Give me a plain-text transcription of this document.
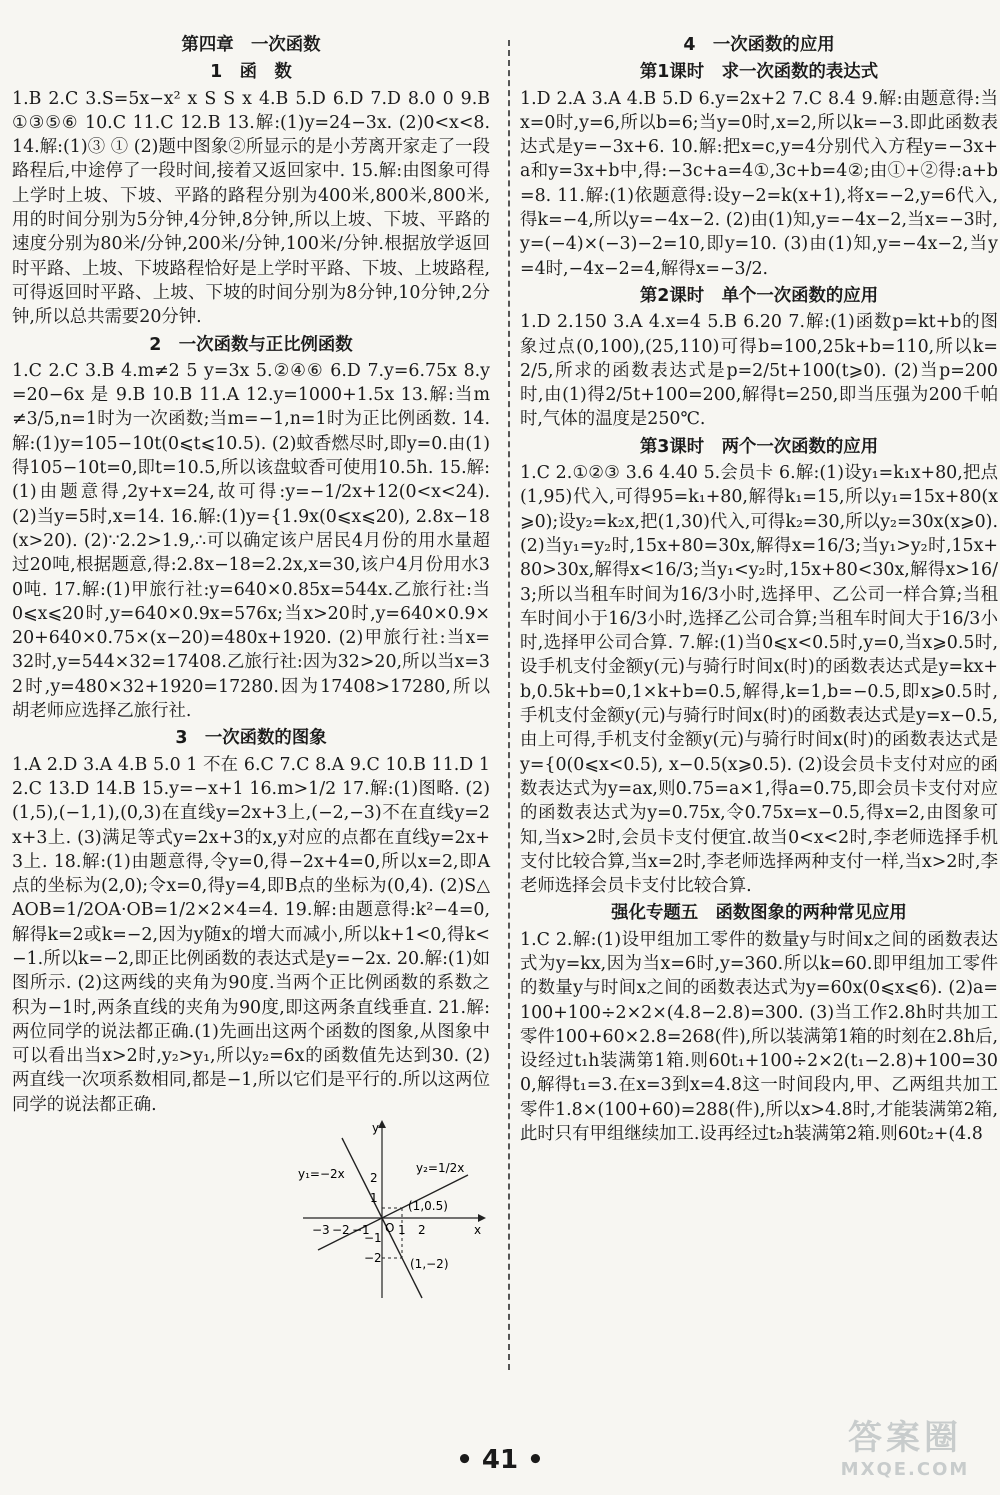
第四章　一次函数
1　函　数

1.B 2.C 3.S=5x−x² x S S x 4.B 5.D 6.D 7.D 8.0 0 9.B ①③⑤⑥ 10.C 11.C 12.B 13.解:(1)y=24−3x. (2)0<x<8. 14.解:(1)③ ① (2)题中图象②所显示的是小芳离开家走了一段路程后,中途停了一段时间,接着又返回家中. 15.解:由图象可得上学时上坡、下坡、平路的路程分别为400米,800米,800米,用的时间分别为5分钟,4分钟,8分钟,所以上坡、下坡、平路的速度分别为80米/分钟,200米/分钟,100米/分钟.根据放学返回时平路、上坡、下坡路程恰好是上学时平路、下坡、上坡路程,可得返回时平路、上坡、下坡的时间分别为8分钟,10分钟,2分钟,所以总共需要20分钟.

2　一次函数与正比例函数

1.C 2.C 3.B 4.m≠2 5 y=3x 5.②④⑥ 6.D 7.y=6.75x 8.y=20−6x 是 9.B 10.B 11.A 12.y=1000+1.5x 13.解:当m≠3/5,n=1时为一次函数;当m=−1,n=1时为正比例函数. 14.解:(1)y=105−10t(0⩽t⩽10.5). (2)蚊香燃尽时,即y=0.由(1)得105−10t=0,即t=10.5,所以该盘蚊香可使用10.5h. 15.解:(1)由题意得,2y+x=24,故可得:y=−1/2x+12(0<x<24). (2)当y=5时,x=14. 16.解:(1)y={1.9x(0⩽x⩽20), 2.8x−18(x>20). (2)∵2.2>1.9,∴可以确定该户居民4月份的用水量超过20吨,根据题意,得:2.8x−18=2.2x,x=30,该户4月份用水30吨. 17.解:(1)甲旅行社:y=640×0.85x=544x.乙旅行社:当0⩽x⩽20时,y=640×0.9x=576x;当x>20时,y=640×0.9×20+640×0.75×(x−20)=480x+1920. (2)甲旅行社:当x=32时,y=544×32=17408.乙旅行社:因为32>20,所以当x=32时,y=480×32+1920=17280.因为17408>17280,所以胡老师应选择乙旅行社.

3　一次函数的图象

1.A 2.D 3.A 4.B 5.0 1 不在 6.C 7.C 8.A 9.C 10.B 11.D 12.C 13.D 14.B 15.y=−x+1 16.m>1/2 17.解:(1)图略. (2)(1,5),(−1,1),(0,3)在直线y=2x+3上,(−2,−3)不在直线y=2x+3上. (3)满足等式y=2x+3的x,y对应的点都在直线y=2x+3上. 18.解:(1)由题意得,令y=0,得−2x+4=0,所以x=2,即A点的坐标为(2,0);令x=0,得y=4,即B点的坐标为(0,4). (2)S△AOB=1/2OA·OB=1/2×2×4=4. 19.解:由题意得:k²−4=0,解得k=2或k=−2,因为y随x的增大而减小,所以k+1<0,得k<−1.所以k=−2,即正比例函数的表达式是y=−2x. 20.解:(1)如图所示. (2)这两线的夹角为90度.当两个正比例函数的系数之积为−1时,两条直线的夹角为90度,即这两条直线垂直. 21.解:两位同学的说法都正确.(1)先画出这两个函数的图象,从图象中可以看出当x>2时,y₂>y₁,所以y₂=6x的函数值先达到30. (2)两直线一次项系数相同,都是−1,所以它们是平行的.所以这两位同学的说法都正确.

4　一次函数的应用
第1课时　求一次函数的表达式

1.D 2.A 3.A 4.B 5.D 6.y=2x+2 7.C 8.4 9.解:由题意得:当x=0时,y=6,所以b=6;当y=0时,x=2,所以k=−3.即此函数表达式是y=−3x+6. 10.解:把x=c,y=4分别代入方程y=−3x+a和y=3x+b中,得:−3c+a=4①,3c+b=4②;由①+②得:a+b=8. 11.解:(1)依题意得:设y−2=k(x+1),将x=−2,y=6代入,得k=−4,所以y=−4x−2. (2)由(1)知,y=−4x−2,当x=−3时,y=(−4)×(−3)−2=10,即y=10. (3)由(1)知,y=−4x−2,当y=4时,−4x−2=4,解得x=−3/2.

第2课时　单个一次函数的应用

1.D 2.150 3.A 4.x=4 5.B 6.20 7.解:(1)函数p=kt+b的图象过点(0,100),(25,110)可得b=100,25k+b=110,所以k=2/5,所求的函数表达式是p=2/5t+100(t⩾0). (2)当p=200时,由(1)得2/5t+100=200,解得t=250,即当压强为200千帕时,气体的温度是250℃.

第3课时　两个一次函数的应用

1.C 2.①②③ 3.6 4.40 5.会员卡 6.解:(1)设y₁=k₁x+80,把点(1,95)代入,可得95=k₁+80,解得k₁=15,所以y₁=15x+80(x⩾0);设y₂=k₂x,把(1,30)代入,可得k₂=30,所以y₂=30x(x⩾0). (2)当y₁=y₂时,15x+80=30x,解得x=16/3;当y₁>y₂时,15x+80>30x,解得x<16/3;当y₁<y₂时,15x+80<30x,解得x>16/3;所以当租车时间为16/3小时,选择甲、乙公司一样合算;当租车时间小于16/3小时,选择乙公司合算;当租车时间大于16/3小时,选择甲公司合算. 7.解:(1)当0⩽x<0.5时,y=0,当x⩾0.5时,设手机支付金额y(元)与骑行时间x(时)的函数表达式是y=kx+b,0.5k+b=0,1×k+b=0.5,解得,k=1,b=−0.5,即x⩾0.5时,手机支付金额y(元)与骑行时间x(时)的函数表达式是y=x−0.5,由上可得,手机支付金额y(元)与骑行时间x(时)的函数表达式是y={0(0⩽x<0.5), x−0.5(x⩾0.5). (2)设会员卡支付对应的函数表达式为y=ax,则0.75=a×1,得a=0.75,即会员卡支付对应的函数表达式为y=0.75x,令0.75x=x−0.5,得x=2,由图象可知,当x>2时,会员卡支付便宜.故当0<x<2时,李老师选择手机支付比较合算,当x=2时,李老师选择两种支付一样,当x>2时,李老师选择会员卡支付比较合算.

强化专题五　函数图象的两种常见应用

1.C 2.解:(1)设甲组加工零件的数量y与时间x之间的函数表达式为y=kx,因为当x=6时,y=360.所以k=60.即甲组加工零件的数量y与时间x之间的函数表达式为y=60x(0⩽x⩽6). (2)a=100+100÷2×2×(4.8−2.8)=300. (3)当工作2.8h时共加工零件100+60×2.8=268(件),所以装满第1箱的时刻在2.8h后,设经过t₁h装满第1箱.则60t₁+100÷2×2(t₁−2.8)+100=300,解得t₁=3.在x=3到x=4.8这一时间段内,甲、乙两组共加工零件1.8×(100+60)=288(件),所以x>4.8时,才能装满第2箱,此时只有甲组继续加工.设再经过t₂h装满第2箱.则60t₂+(4.8

y
x
y₁=−2x	y₂=1/2x
(1,0.5)
(1,−2)
2
1
−1
−2
−3 −2 −1 1 2
O
• 41 •
答案圈
MXQE.COM
